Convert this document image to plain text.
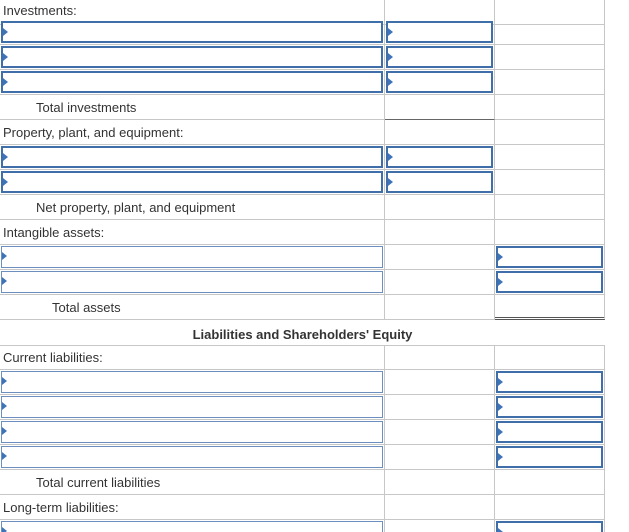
Investments:
Total investments
Property, plant, and equipment:
Net property, plant, and equipment
Intangible assets:
Total assets
Liabilities and Shareholders' Equity
Current liabilities:
Total current liabilities
Long-term liabilities:
